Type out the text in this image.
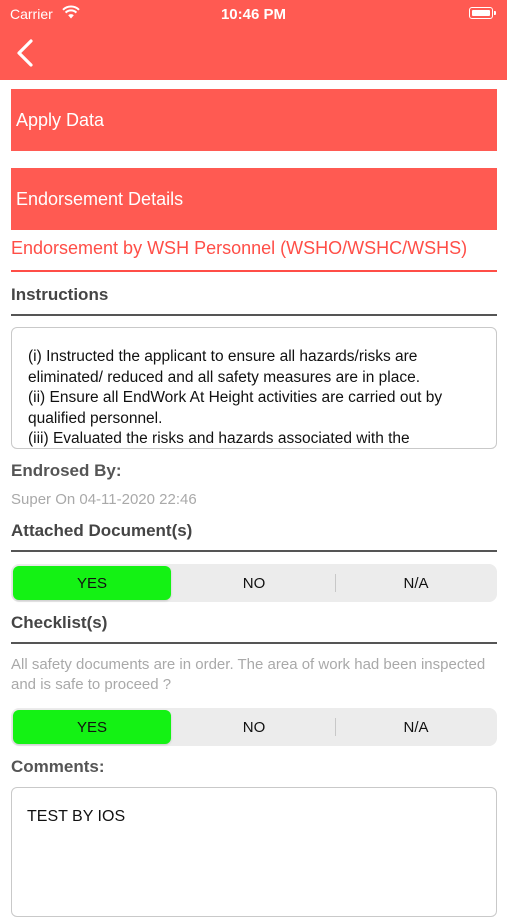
Carrier	10:46 PM
Apply Data
Endorsement Details
Endorsement by WSH Personnel (WSHO/WSHC/WSHS)
Instructions
(i) Instructed the applicant to ensure all hazards/risks are eliminated/ reduced and all safety measures are in place.
(ii) Ensure all EndWork At Height activities are carried out by qualified personnel.
(iii) Evaluated the risks and hazards associated with the
Endrosed By:
Super On 04-11-2020 22:46
Attached Document(s)
YES	NO	N/A
Checklist(s)
All safety documents are in order. The area of work had been inspected and is safe to proceed ?
YES	NO	N/A
Comments:
TEST BY IOS
